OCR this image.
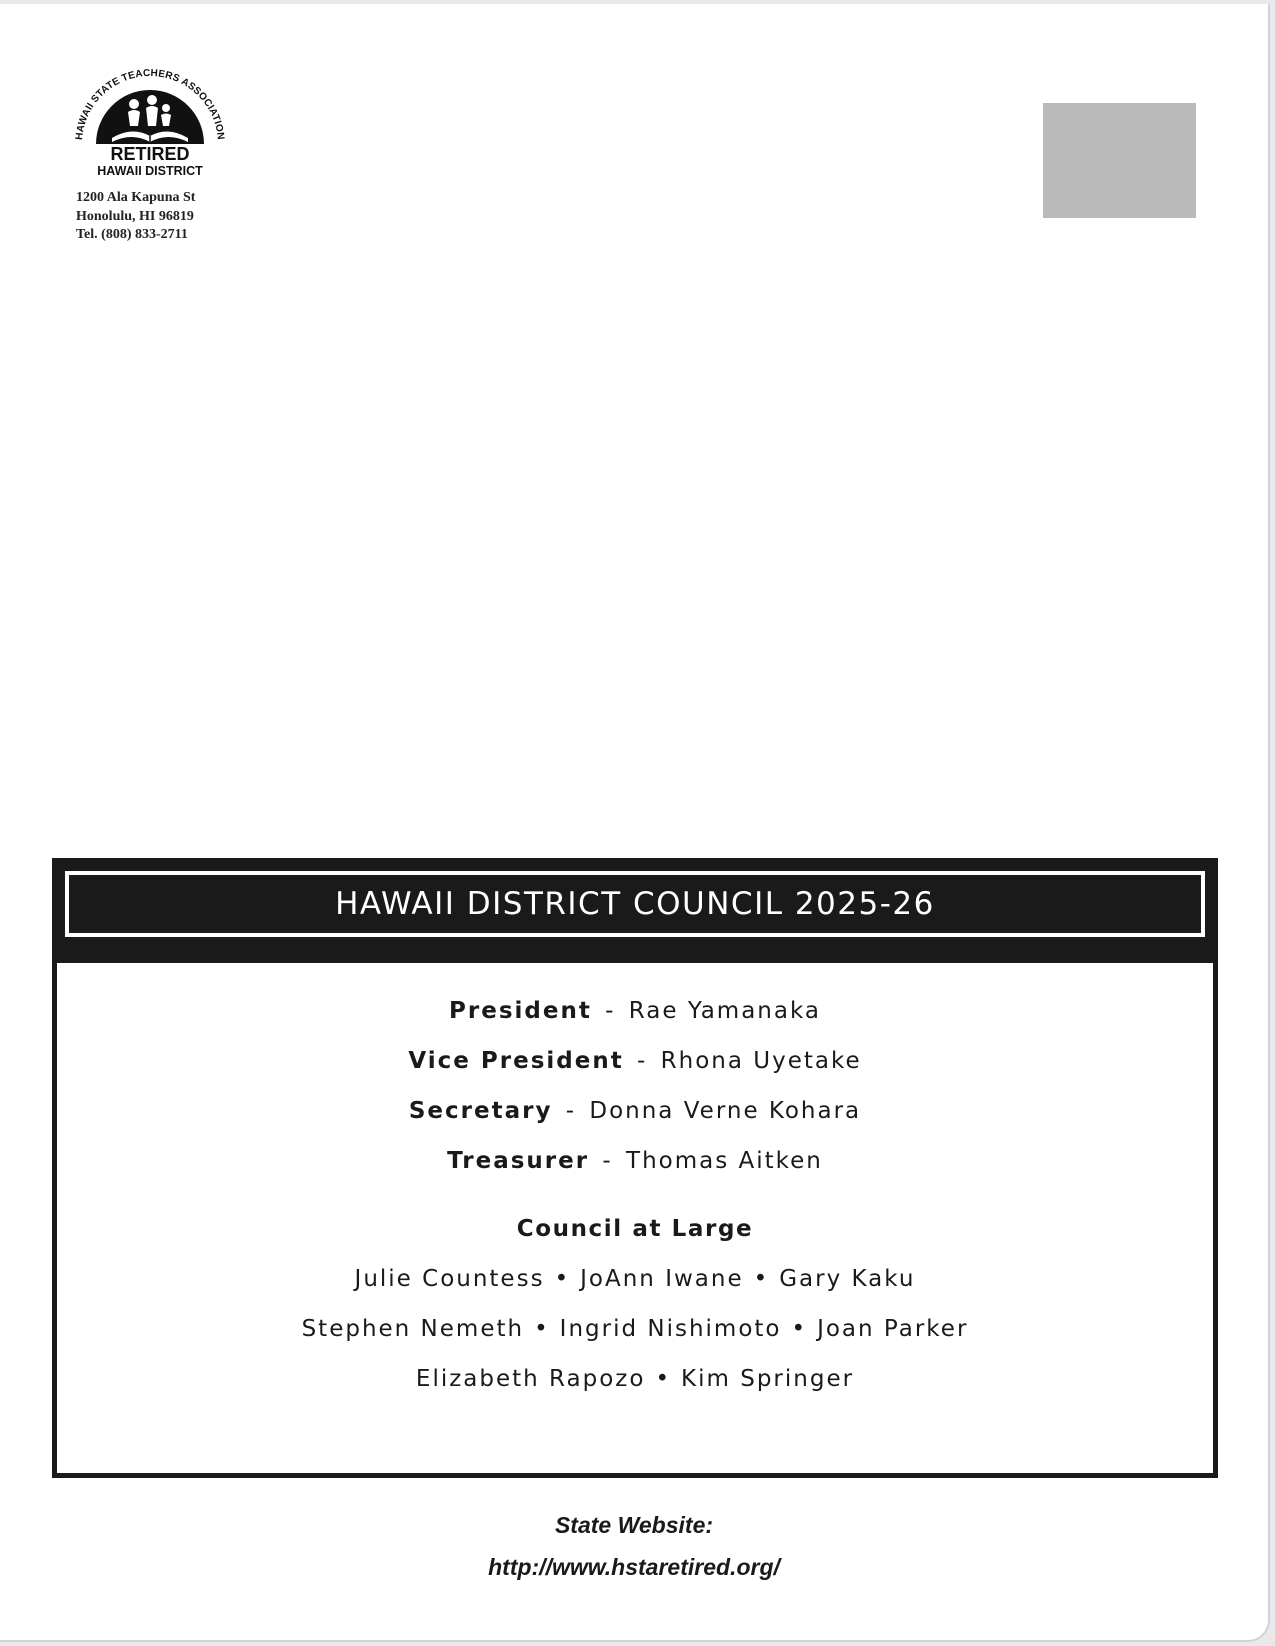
HAWAII STATE TEACHERS ASSOCIATION
RETIRED
HAWAII DISTRICT
1200 Ala Kapuna St
Honolulu, HI 96819
Tel. (808) 833-2711
HAWAII DISTRICT COUNCIL 2025-26
President - Rae Yamanaka
Vice President - Rhona Uyetake
Secretary - Donna Verne Kohara
Treasurer - Thomas Aitken
Council at Large
Julie Countess • JoAnn Iwane • Gary Kaku
Stephen Nemeth • Ingrid Nishimoto • Joan Parker
Elizabeth Rapozo • Kim Springer
State Website:
http://www.hstaretired.org/
